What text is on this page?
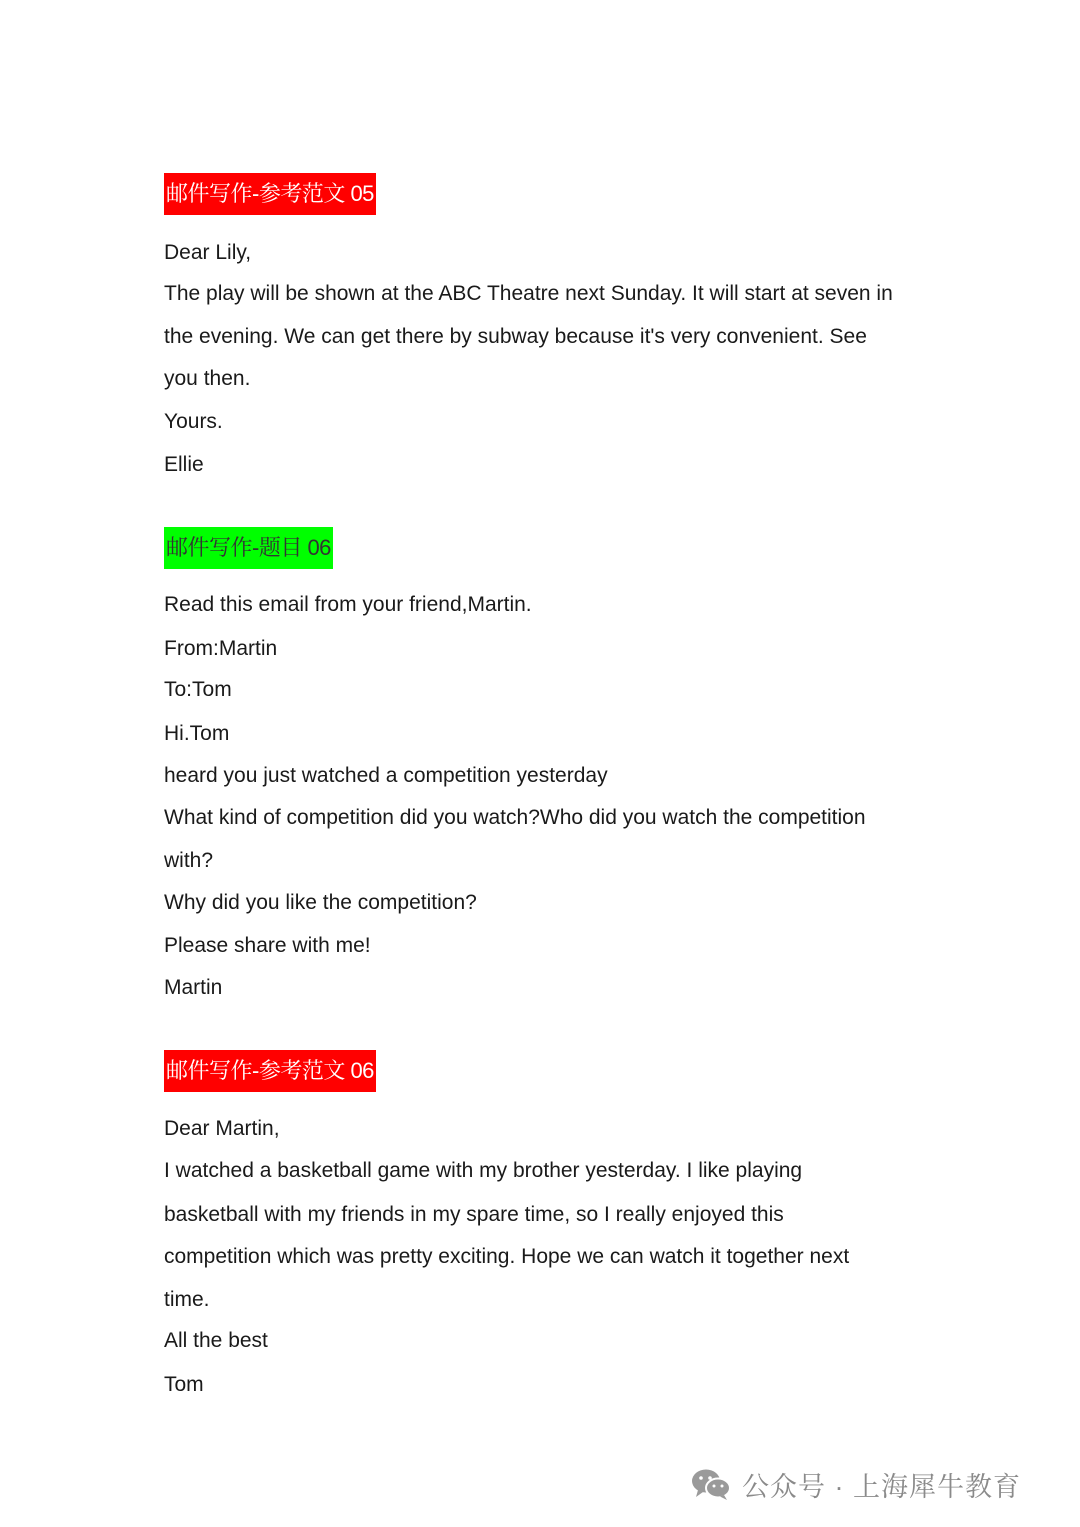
邮件写作-参考范文 05
Dear Lily,
The play will be shown at the ABC Theatre next Sunday. It will start at seven in
the evening. We can get there by subway because it's very convenient. See
you then.
Yours.
Ellie
邮件写作-题目 06
Read this email from your friend,Martin.
From:Martin
To:Tom
Hi.Tom
heard you just watched a competition yesterday
What kind of competition did you watch?Who did you watch the competition
with?
Why did you like the competition?
Please share with me!
Martin
邮件写作-参考范文 06
Dear Martin,
I watched a basketball game with my brother yesterday. I like playing
basketball with my friends in my spare time, so I really enjoyed this
competition which was pretty exciting. Hope we can watch it together next
time.
All the best
Tom
公众号 · 上海犀牛教育
